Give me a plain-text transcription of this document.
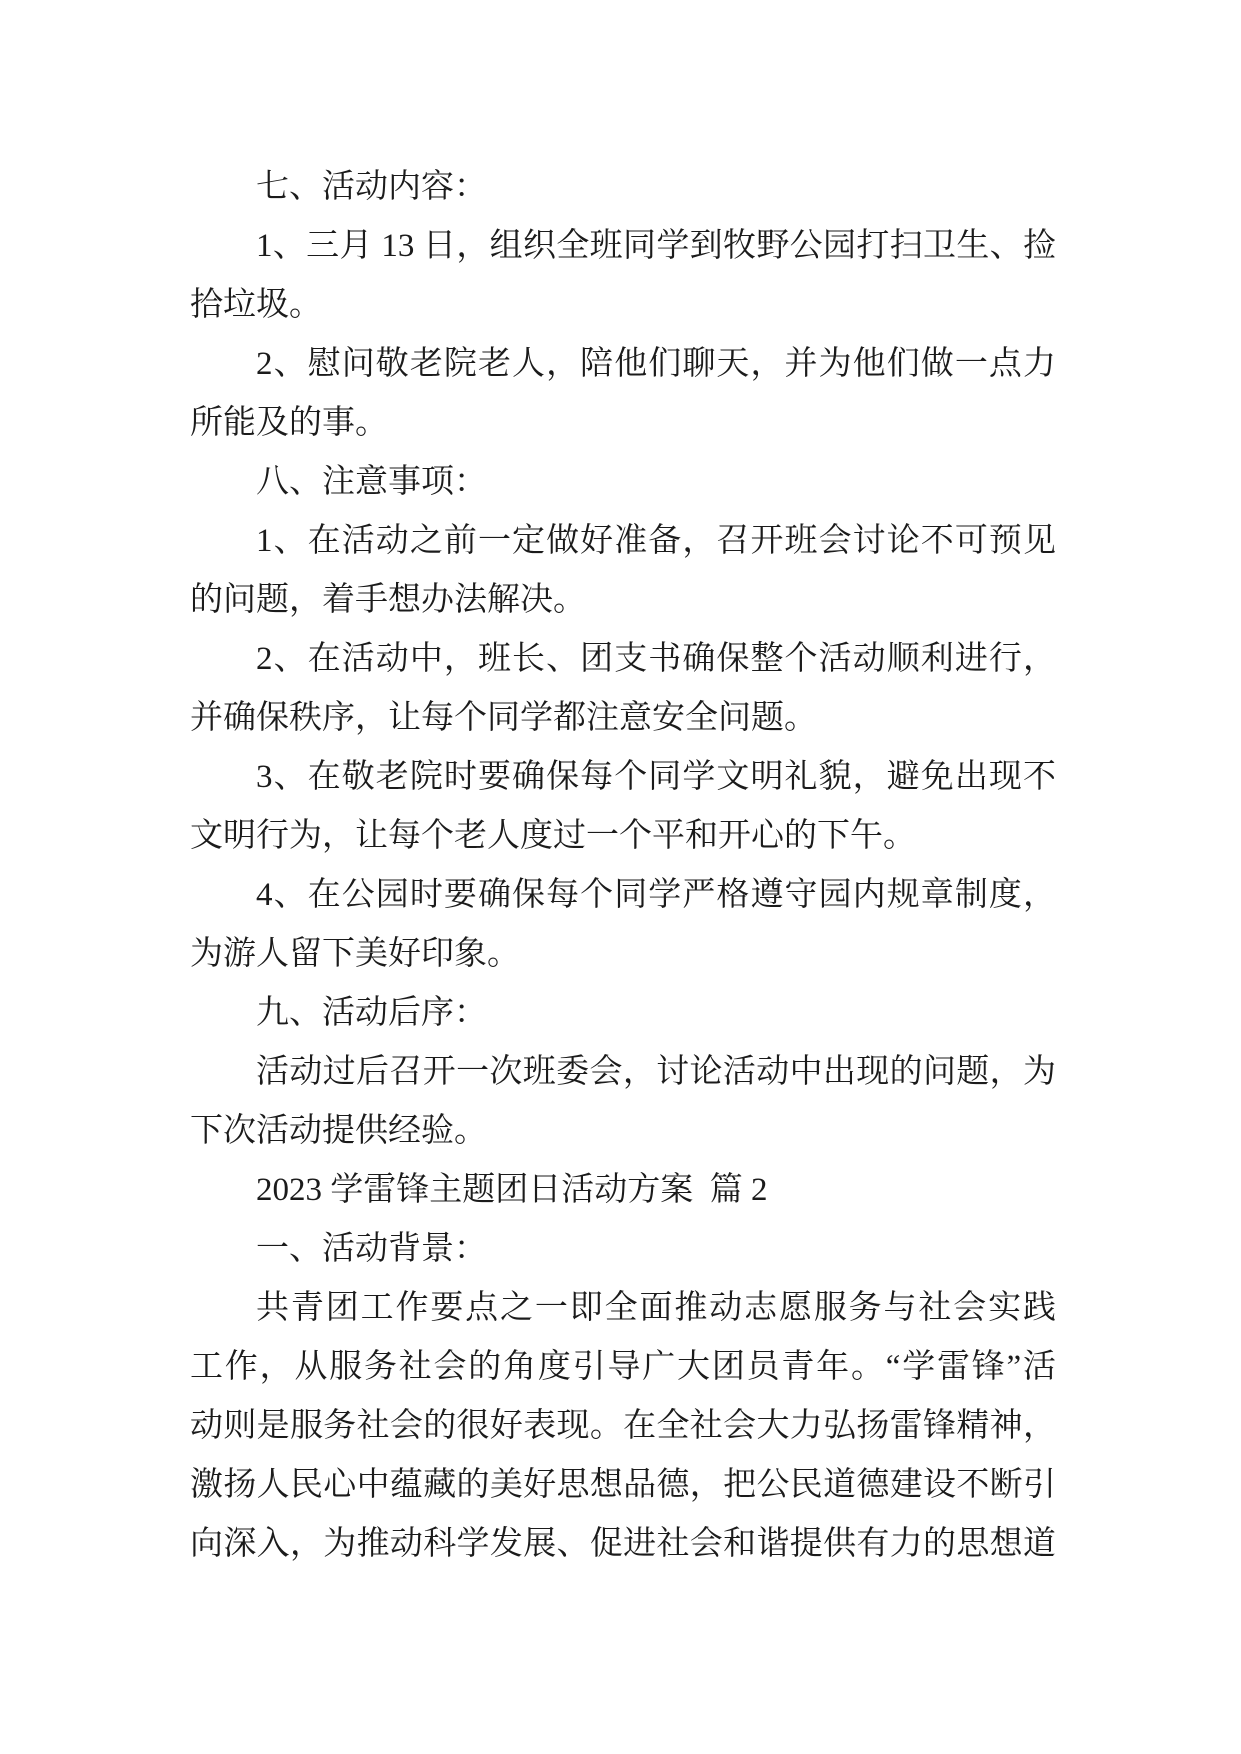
七、活动内容：
1、三月 13 日，组织全班同学到牧野公园打扫卫生、捡
拾垃圾。
2、慰问敬老院老人，陪他们聊天，并为他们做一点力
所能及的事。
八、注意事项：
1、在活动之前一定做好准备，召开班会讨论不可预见
的问题，着手想办法解决。
2、在活动中，班长、团支书确保整个活动顺利进行，
并确保秩序，让每个同学都注意安全问题。
3、在敬老院时要确保每个同学文明礼貌，避免出现不
文明行为，让每个老人度过一个平和开心的下午。
4、在公园时要确保每个同学严格遵守园内规章制度，
为游人留下美好印象。
九、活动后序：
活动过后召开一次班委会，讨论活动中出现的问题，为
下次活动提供经验。
2023 学雷锋主题团日活动方案  篇 2
一、活动背景：
共青团工作要点之一即全面推动志愿服务与社会实践
工作，从服务社会的角度引导广大团员青年。“学雷锋”活
动则是服务社会的很好表现。在全社会大力弘扬雷锋精神，
激扬人民心中蕴藏的美好思想品德，把公民道德建设不断引
向深入，为推动科学发展、促进社会和谐提供有力的思想道
